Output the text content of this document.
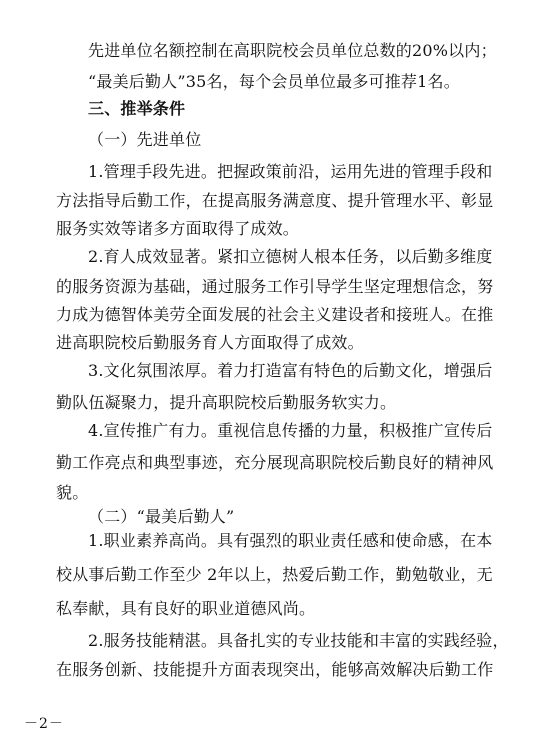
先进单位名额控制在高职院校会员单位总数的20%以内；
“最美后勤人”35名，每个会员单位最多可推荐1名。
三、推举条件
（一）先进单位
1.管理手段先进。把握政策前沿，运用先进的管理手段和
方法指导后勤工作，在提高服务满意度、提升管理水平、彰显
服务实效等诸多方面取得了成效。
2.育人成效显著。紧扣立德树人根本任务，以后勤多维度
的服务资源为基础，通过服务工作引导学生坚定理想信念，努
力成为德智体美劳全面发展的社会主义建设者和接班人。在推
进高职院校后勤服务育人方面取得了成效。
3.文化氛围浓厚。着力打造富有特色的后勤文化，增强后
勤队伍凝聚力，提升高职院校后勤服务软实力。
4.宣传推广有力。重视信息传播的力量，积极推广宣传后
勤工作亮点和典型事迹，充分展现高职院校后勤良好的精神风
貌。
（二）“最美后勤人”
1.职业素养高尚。具有强烈的职业责任感和使命感，在本
校从事后勤工作至少 2年以上，热爱后勤工作，勤勉敬业，无
私奉献，具有良好的职业道德风尚。
2.服务技能精湛。具备扎实的专业技能和丰富的实践经验，
在服务创新、技能提升方面表现突出，能够高效解决后勤工作
－2－
